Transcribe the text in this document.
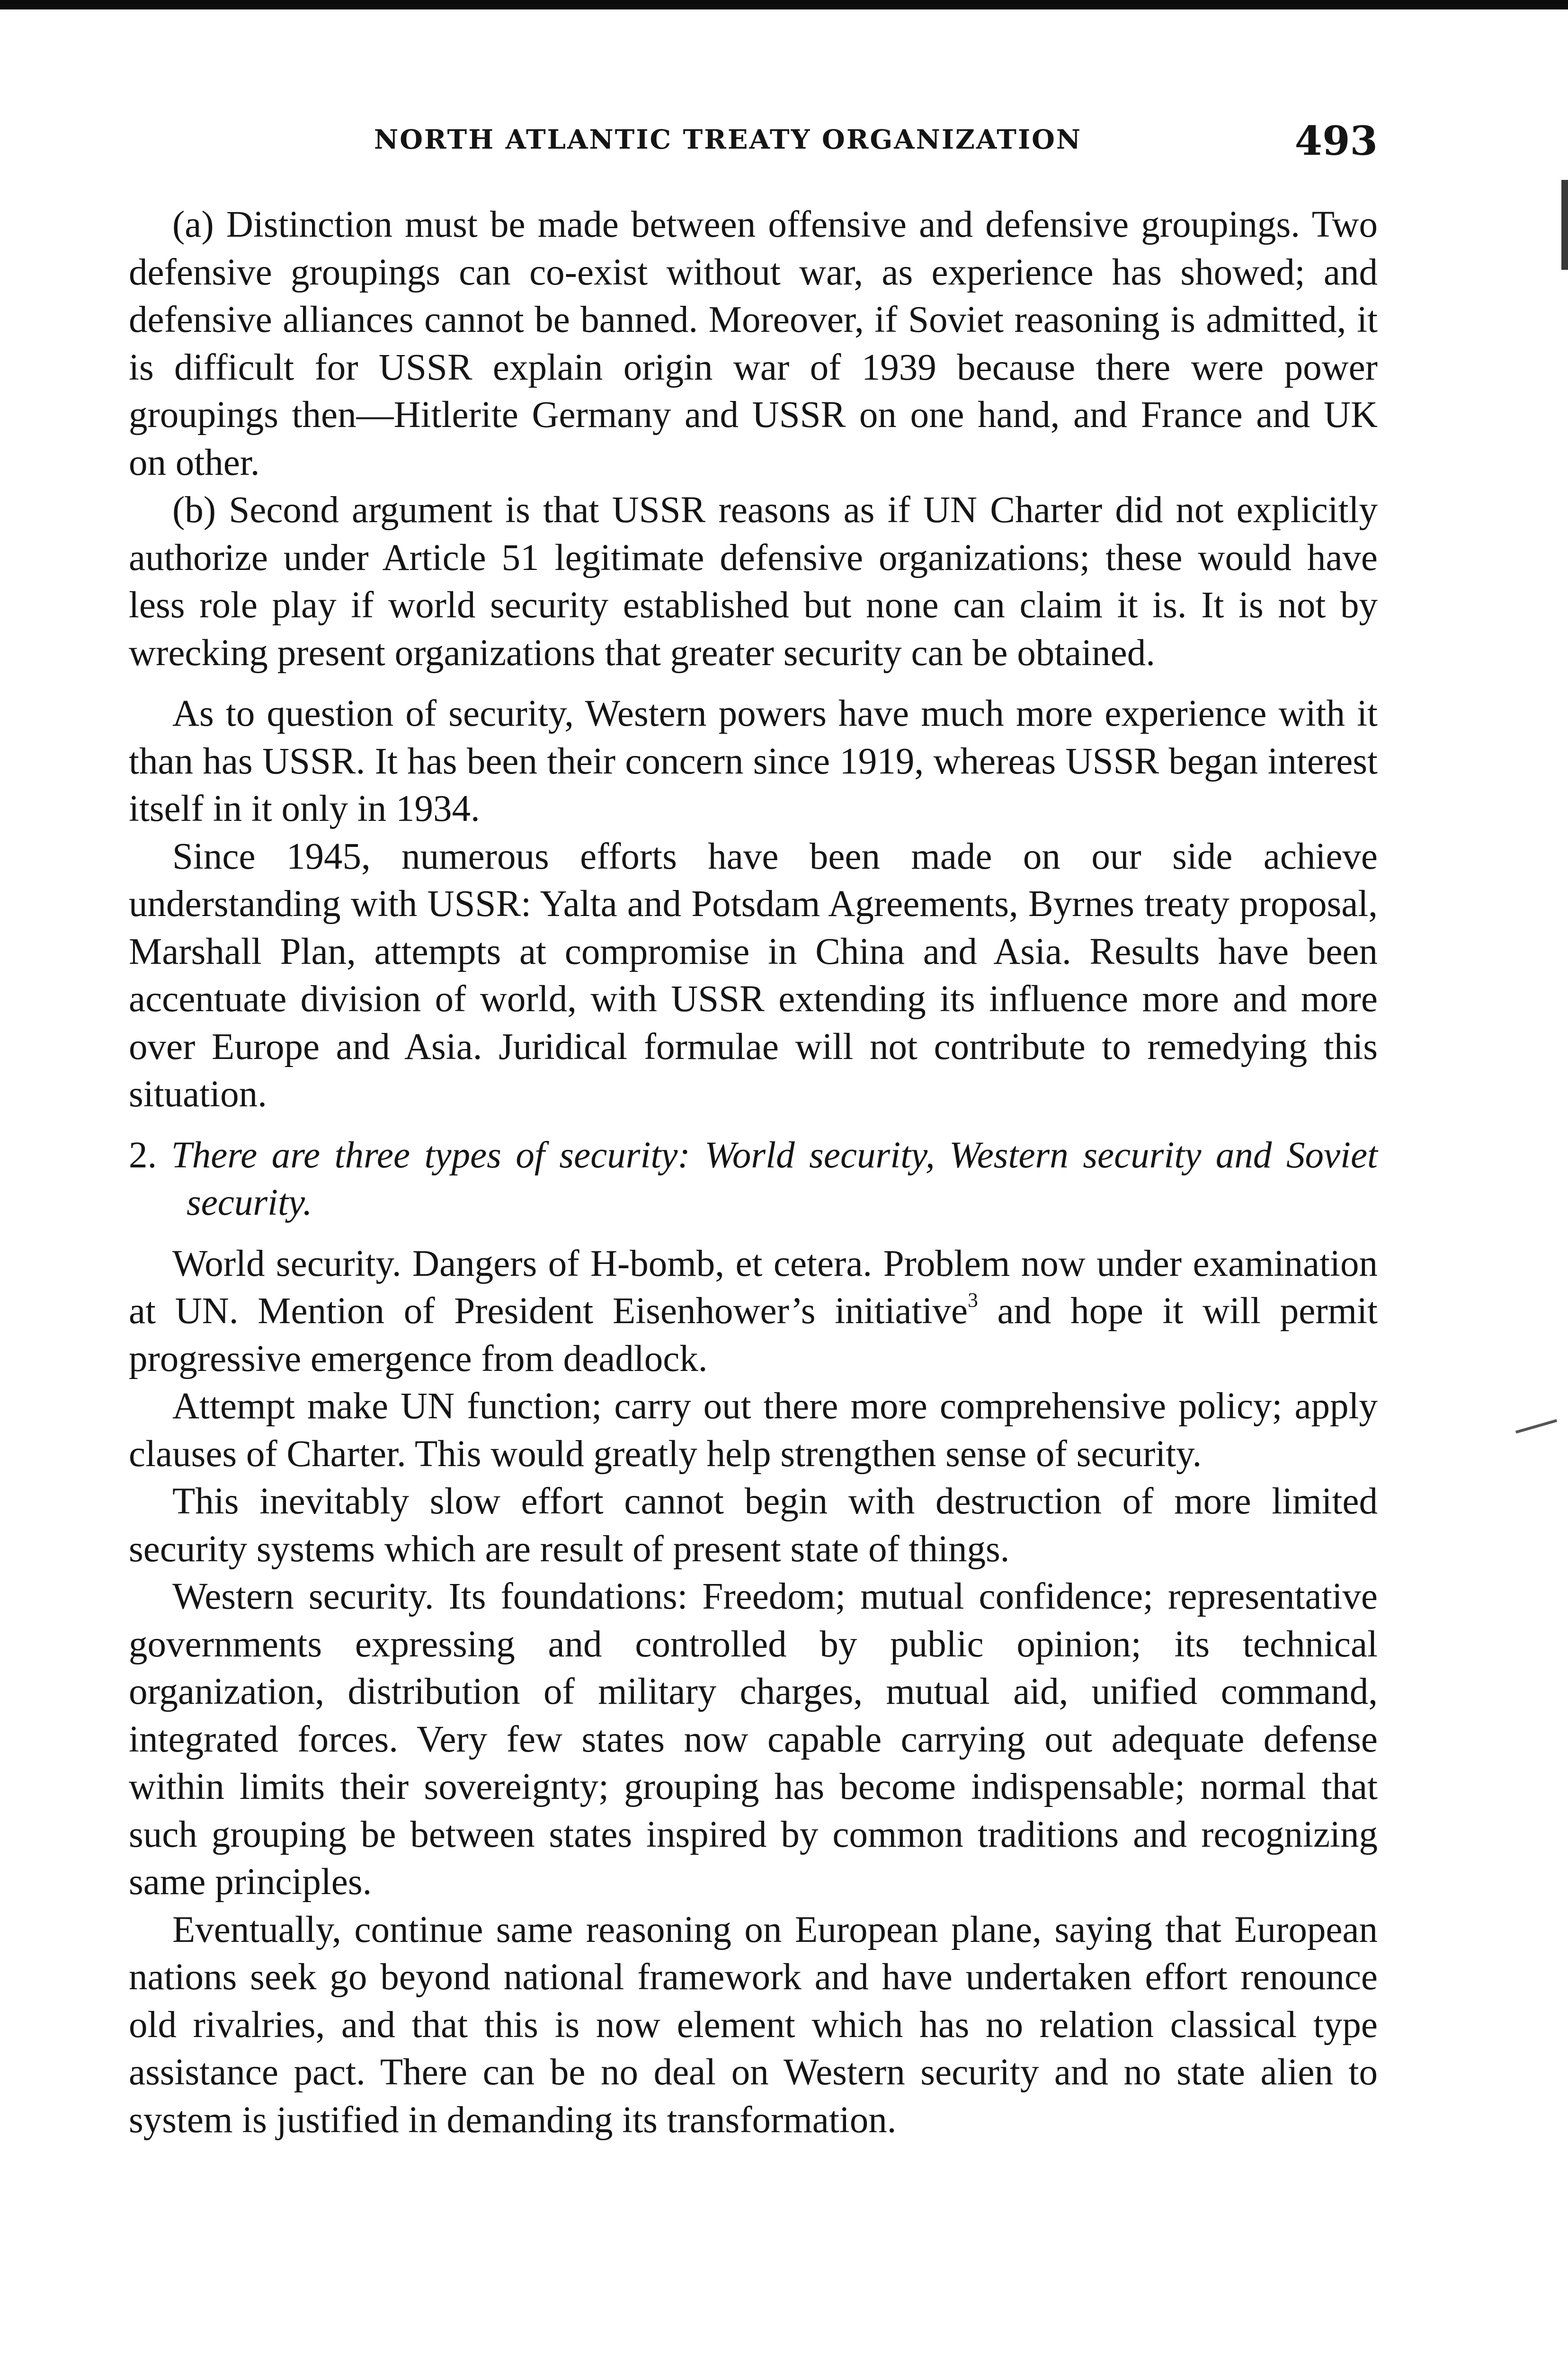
NORTH ATLANTIC TREATY ORGANIZATION	493

(a) Distinction must be made between offensive and defensive groupings. Two defensive groupings can co-exist without war, as experience has showed; and defensive alliances cannot be banned. Moreover, if Soviet reasoning is admitted, it is difficult for USSR explain origin war of 1939 because there were power groupings then—Hitlerite Germany and USSR on one hand, and France and UK on other.

(b) Second argument is that USSR reasons as if UN Charter did not explicitly authorize under Article 51 legitimate defensive organizations; these would have less role play if world security established but none can claim it is. It is not by wrecking present organizations that greater security can be obtained.

As to question of security, Western powers have much more experience with it than has USSR. It has been their concern since 1919, whereas USSR began interest itself in it only in 1934.

Since 1945, numerous efforts have been made on our side achieve understanding with USSR: Yalta and Potsdam Agreements, Byrnes treaty proposal, Marshall Plan, attempts at compromise in China and Asia. Results have been accentuate division of world, with USSR extending its influence more and more over Europe and Asia. Juridical formulae will not contribute to remedying this situation.

2. There are three types of security: World security, Western security and Soviet security.

World security. Dangers of H-bomb, et cetera. Problem now under examination at UN. Mention of President Eisenhower’s initiative$^3$ and hope it will permit progressive emergence from deadlock.

Attempt make UN function; carry out there more comprehensive policy; apply clauses of Charter. This would greatly help strengthen sense of security.

This inevitably slow effort cannot begin with destruction of more limited security systems which are result of present state of things.

Western security. Its foundations: Freedom; mutual confidence; representative governments expressing and controlled by public opinion; its technical organization, distribution of military charges, mutual aid, unified command, integrated forces. Very few states now capable carrying out adequate defense within limits their sovereignty; grouping has become indispensable; normal that such grouping be between states inspired by common traditions and recognizing same principles.

Eventually, continue same reasoning on European plane, saying that European nations seek go beyond national framework and have undertaken effort renounce old rivalries, and that this is now element which has no relation classical type assistance pact. There can be no deal on Western security and no state alien to system is justified in demanding its transformation.
